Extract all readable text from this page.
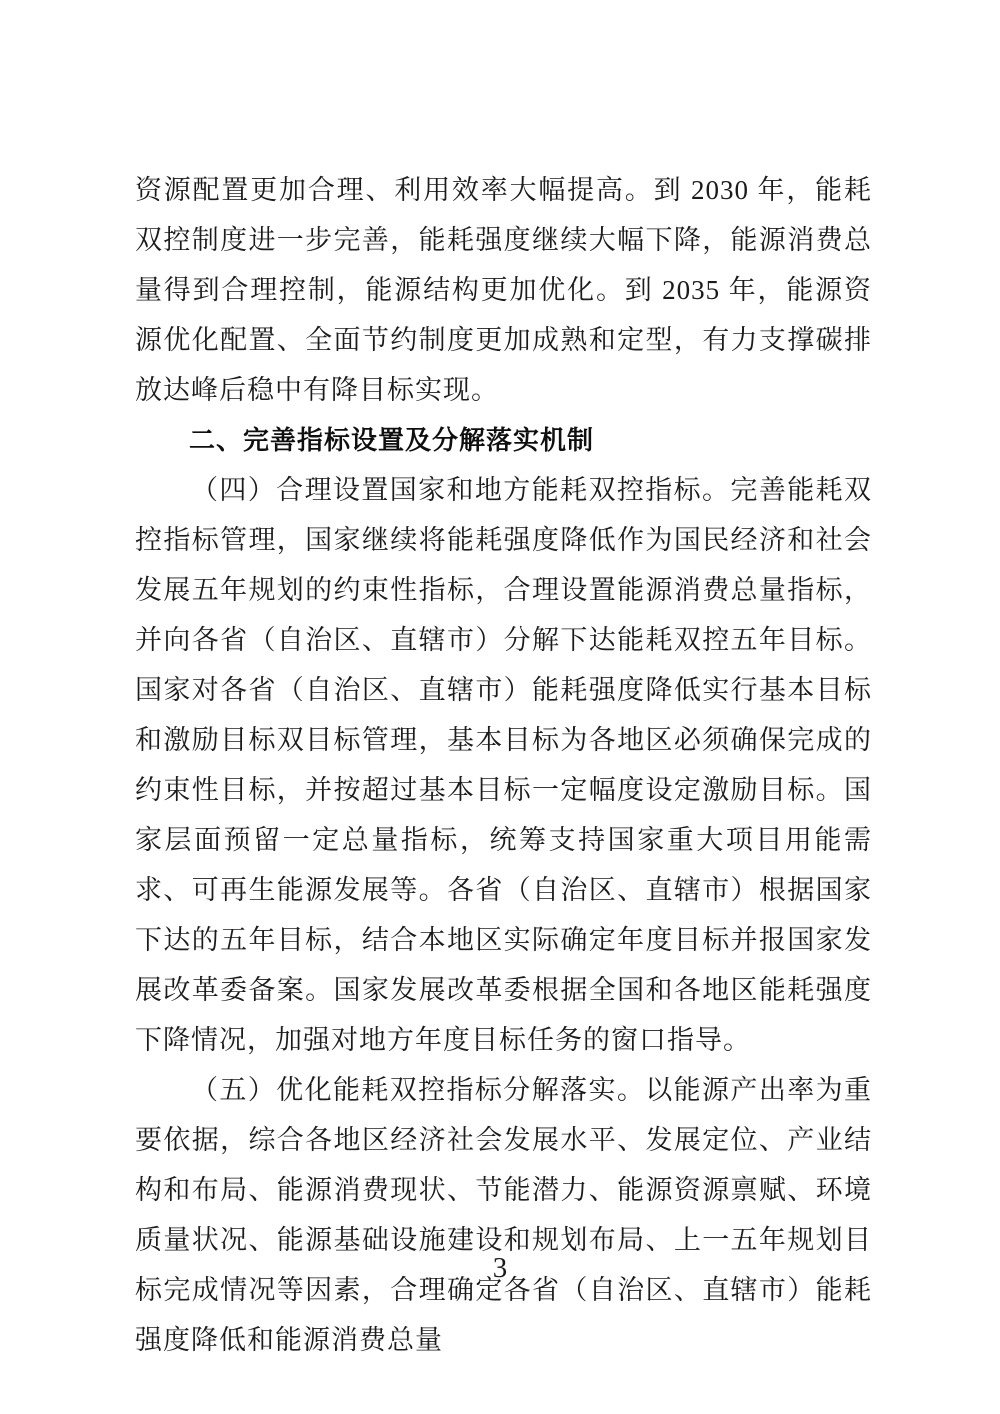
资源配置更加合理、利用效率大幅提高。到 2030 年，能耗双控制度进一步完善，能耗强度继续大幅下降，能源消费总量得到合理控制，能源结构更加优化。到 2035 年，能源资源优化配置、全面节约制度更加成熟和定型，有力支撑碳排放达峰后稳中有降目标实现。

二、完善指标设置及分解落实机制

（四）合理设置国家和地方能耗双控指标。完善能耗双控指标管理，国家继续将能耗强度降低作为国民经济和社会发展五年规划的约束性指标，合理设置能源消费总量指标，并向各省（自治区、直辖市）分解下达能耗双控五年目标。国家对各省（自治区、直辖市）能耗强度降低实行基本目标和激励目标双目标管理，基本目标为各地区必须确保完成的约束性目标，并按超过基本目标一定幅度设定激励目标。国家层面预留一定总量指标，统筹支持国家重大项目用能需求、可再生能源发展等。各省（自治区、直辖市）根据国家下达的五年目标，结合本地区实际确定年度目标并报国家发展改革委备案。国家发展改革委根据全国和各地区能耗强度下降情况，加强对地方年度目标任务的窗口指导。

（五）优化能耗双控指标分解落实。以能源产出率为重要依据，综合各地区经济社会发展水平、发展定位、产业结构和布局、能源消费现状、节能潜力、能源资源禀赋、环境质量状况、能源基础设施建设和规划布局、上一五年规划目标完成情况等因素，合理确定各省（自治区、直辖市）能耗强度降低和能源消费总量

3
